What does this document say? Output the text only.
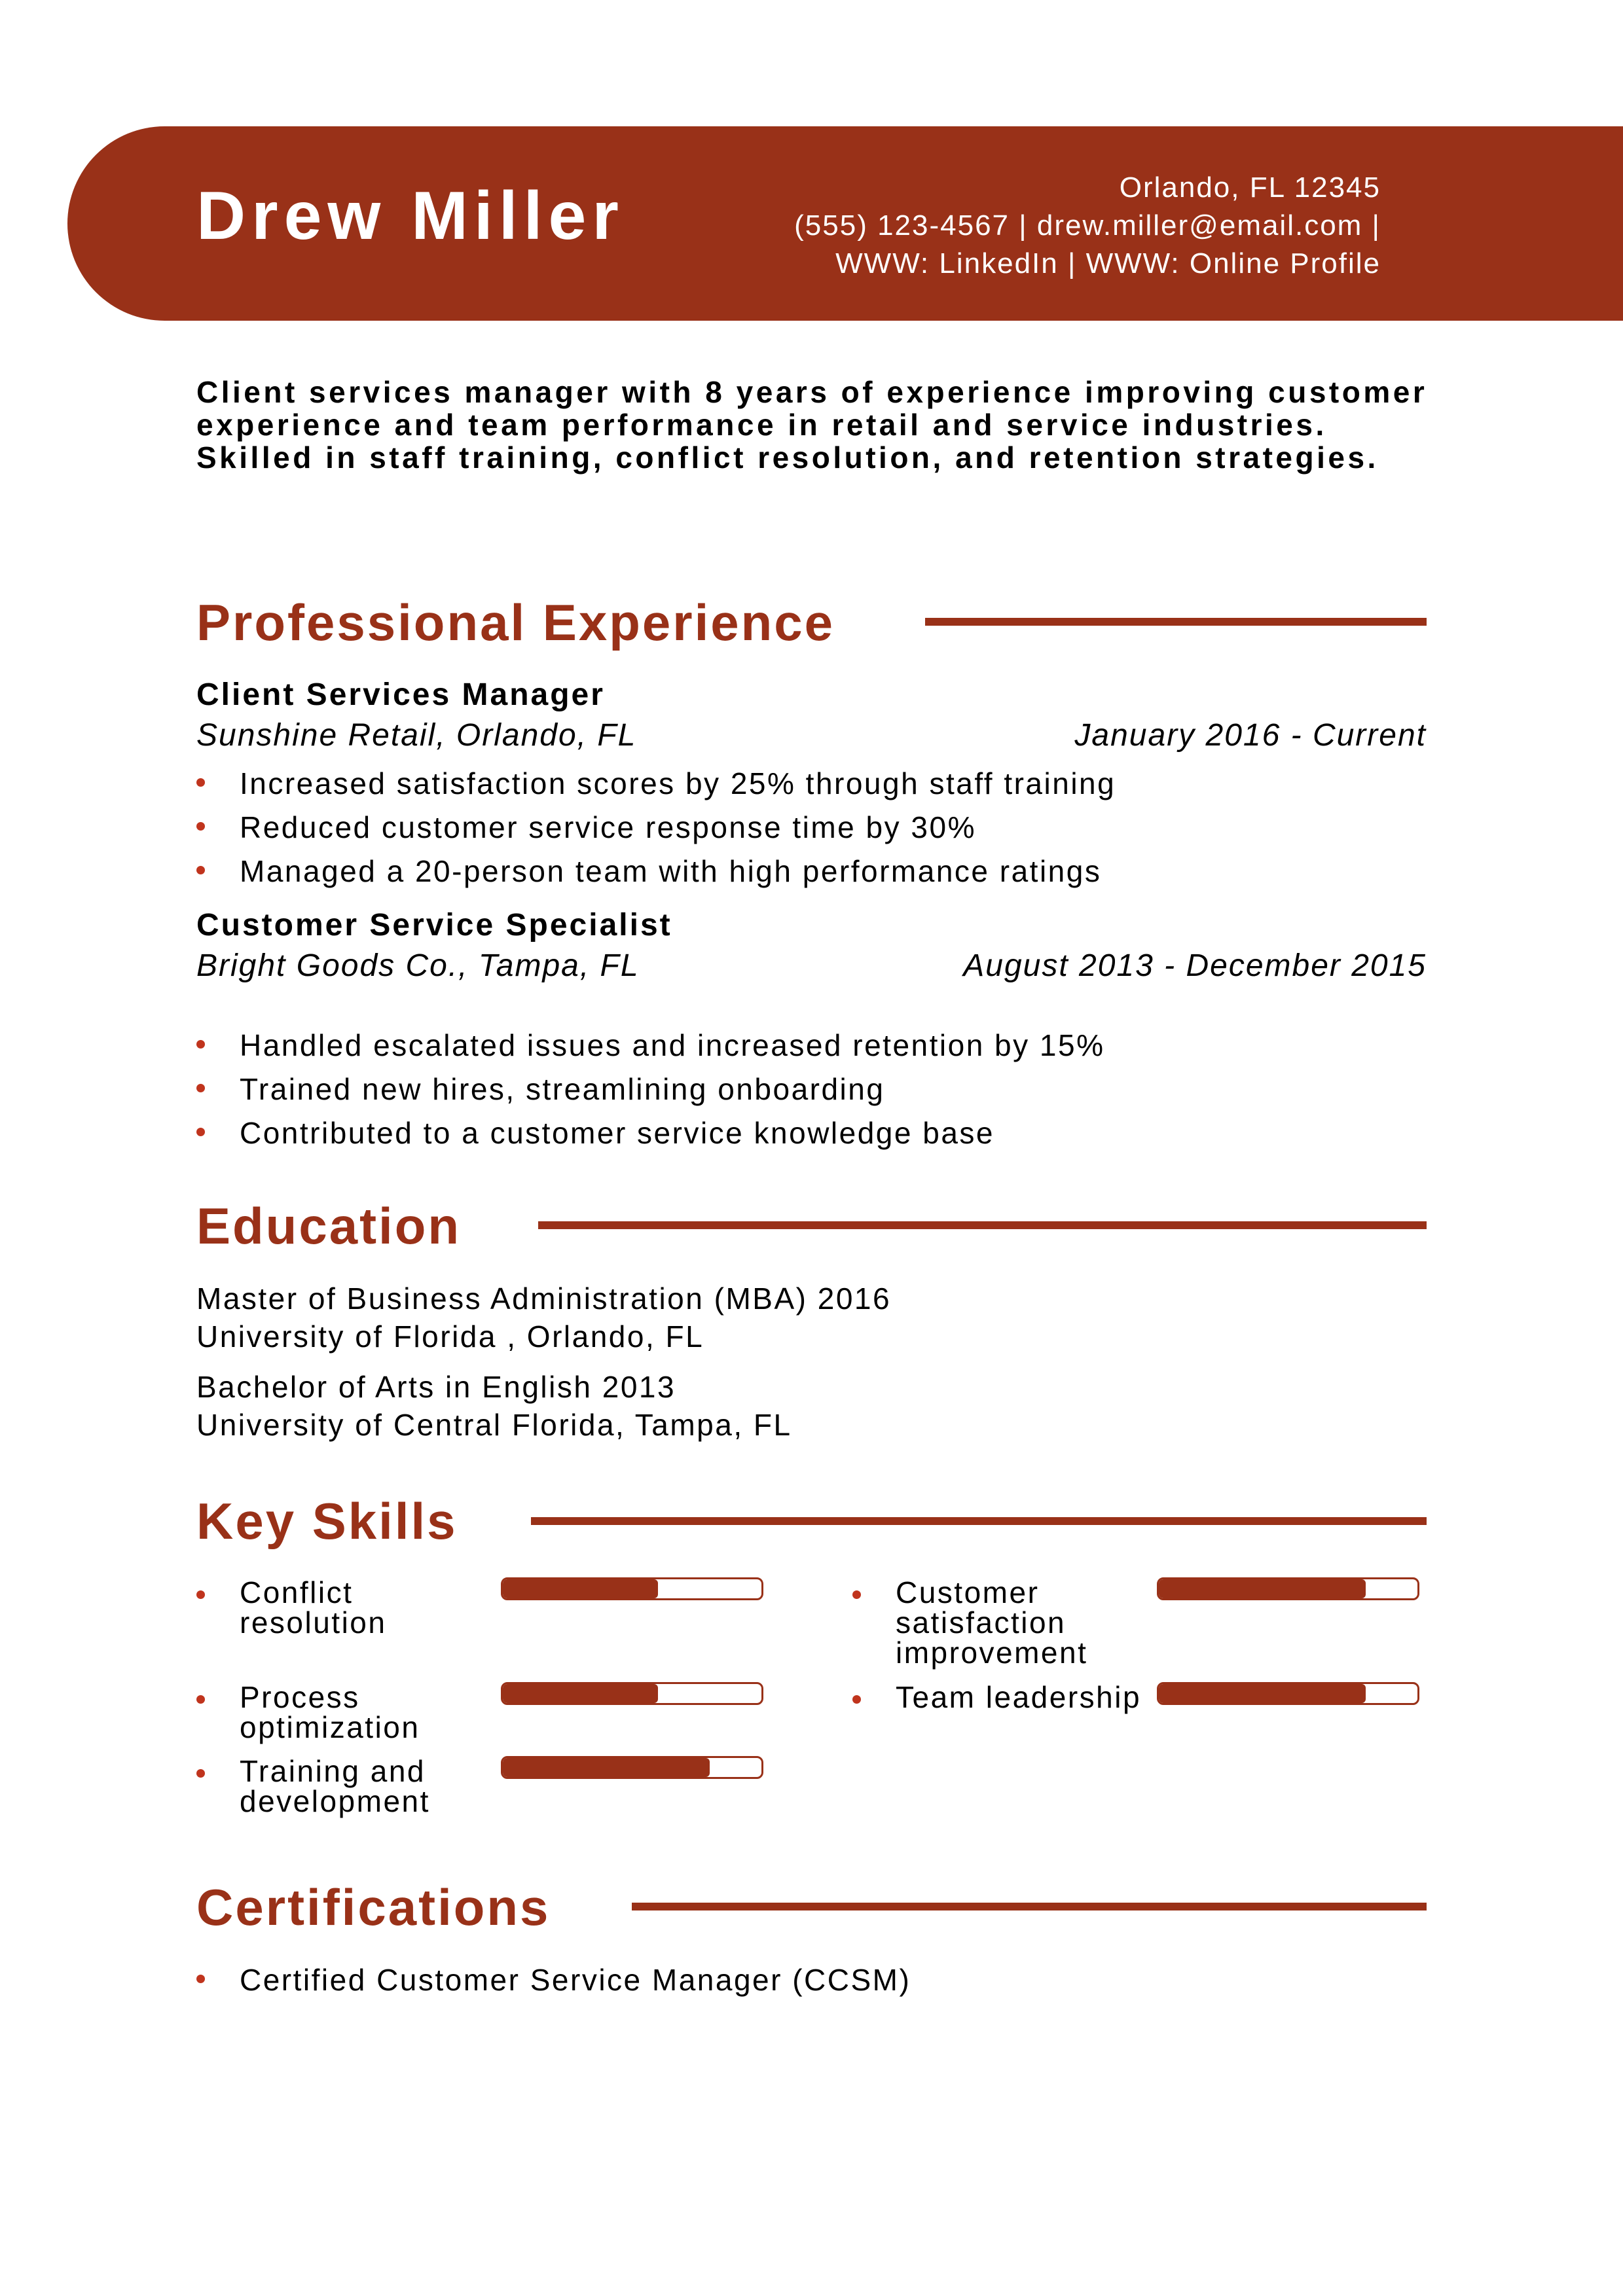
Drew Miller	Orlando, FL 12345
(555) 123-4567 | drew.miller@email.com |
WWW: LinkedIn | WWW: Online Profile
Client services manager with 8 years of experience improving customer experience and team performance in retail and service industries. Skilled in staff training, conflict resolution, and retention strategies.
Professional Experience
Client Services Manager
Sunshine Retail, Orlando, FL	January 2016 - Current
Increased satisfaction scores by 25% through staff training
Reduced customer service response time by 30%
Managed a 20-person team with high performance ratings
Customer Service Specialist
Bright Goods Co., Tampa, FL	August 2013 - December 2015
Handled escalated issues and increased retention by 15%
Trained new hires, streamlining onboarding
Contributed to a customer service knowledge base
Education
Master of Business Administration (MBA) 2016
University of Florida , Orlando, FL
Bachelor of Arts in English 2013
University of Central Florida, Tampa, FL
Key Skills
Conflict resolution
Customer satisfaction improvement
Process optimization
Team leadership
Training and development
Certifications
Certified Customer Service Manager (CCSM)
